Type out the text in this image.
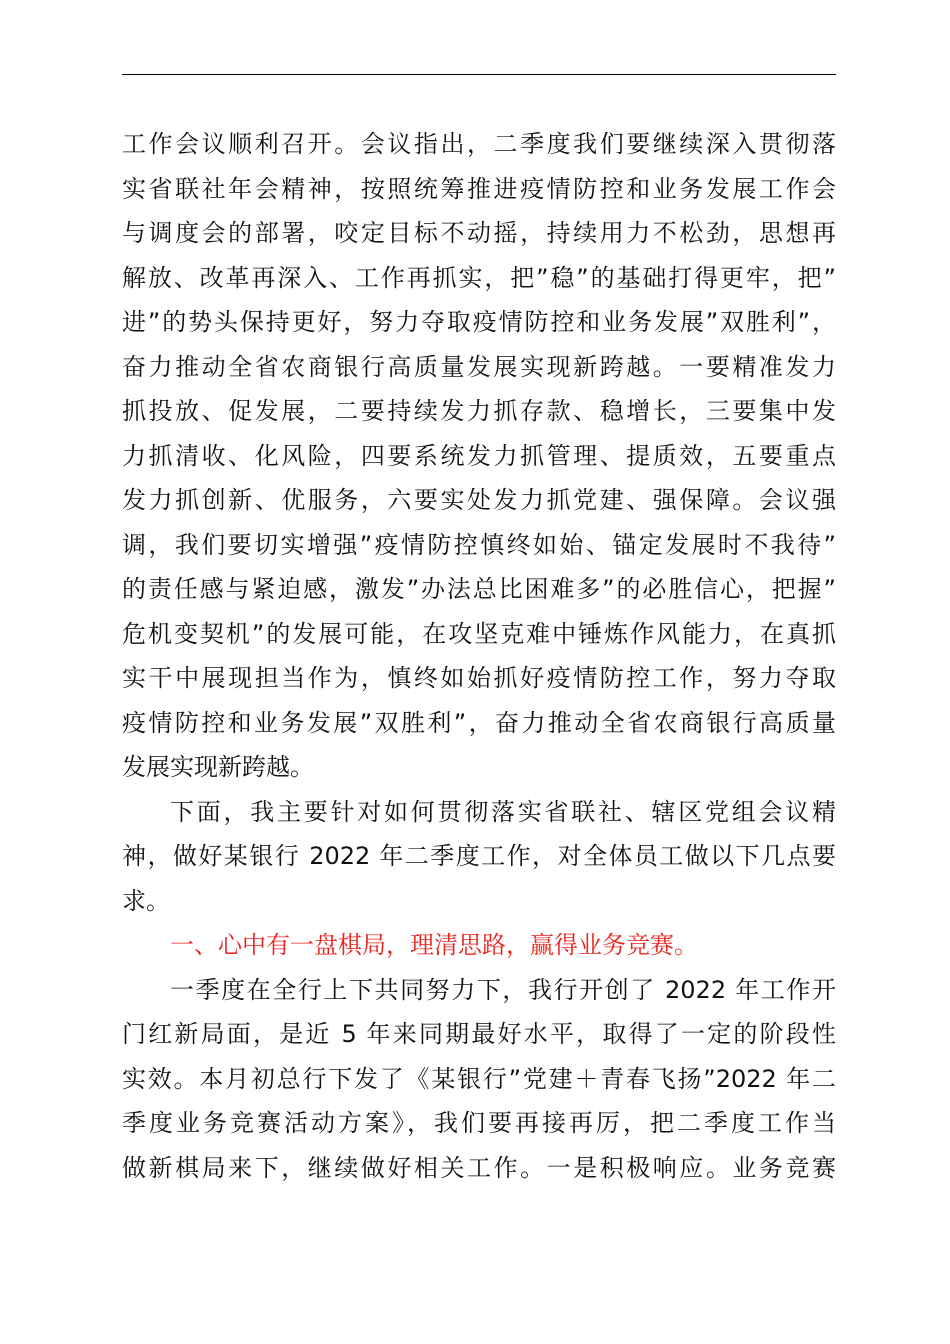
工作会议顺利召开。会议指出，二季度我们要继续深入贯彻落
实省联社年会精神，按照统筹推进疫情防控和业务发展工作会
与调度会的部署，咬定目标不动摇，持续用力不松劲，思想再
解放、改革再深入、工作再抓实，把”稳”的基础打得更牢，把”
进”的势头保持更好，努力夺取疫情防控和业务发展”双胜利”，
奋力推动全省农商银行高质量发展实现新跨越。一要精准发力
抓投放、促发展，二要持续发力抓存款、稳增长，三要集中发
力抓清收、化风险，四要系统发力抓管理、提质效，五要重点
发力抓创新、优服务，六要实处发力抓党建、强保障。会议强
调，我们要切实增强”疫情防控慎终如始、锚定发展时不我待”
的责任感与紧迫感，激发”办法总比困难多”的必胜信心，把握”
危机变契机”的发展可能，在攻坚克难中锤炼作风能力，在真抓
实干中展现担当作为，慎终如始抓好疫情防控工作，努力夺取
疫情防控和业务发展”双胜利”，奋力推动全省农商银行高质量
发展实现新跨越。
下面，我主要针对如何贯彻落实省联社、辖区党组会议精
神，做好某银行 2022 年二季度工作，对全体员工做以下几点要
求。
一、心中有一盘棋局，理清思路，赢得业务竞赛。
一季度在全行上下共同努力下，我行开创了 2022 年工作开
门红新局面，是近 5 年来同期最好水平，取得了一定的阶段性
实效。本月初总行下发了《某银行”党建＋青春飞扬”2022 年二
季度业务竞赛活动方案》，我们要再接再厉，把二季度工作当
做新棋局来下，继续做好相关工作。一是积极响应。业务竞赛
